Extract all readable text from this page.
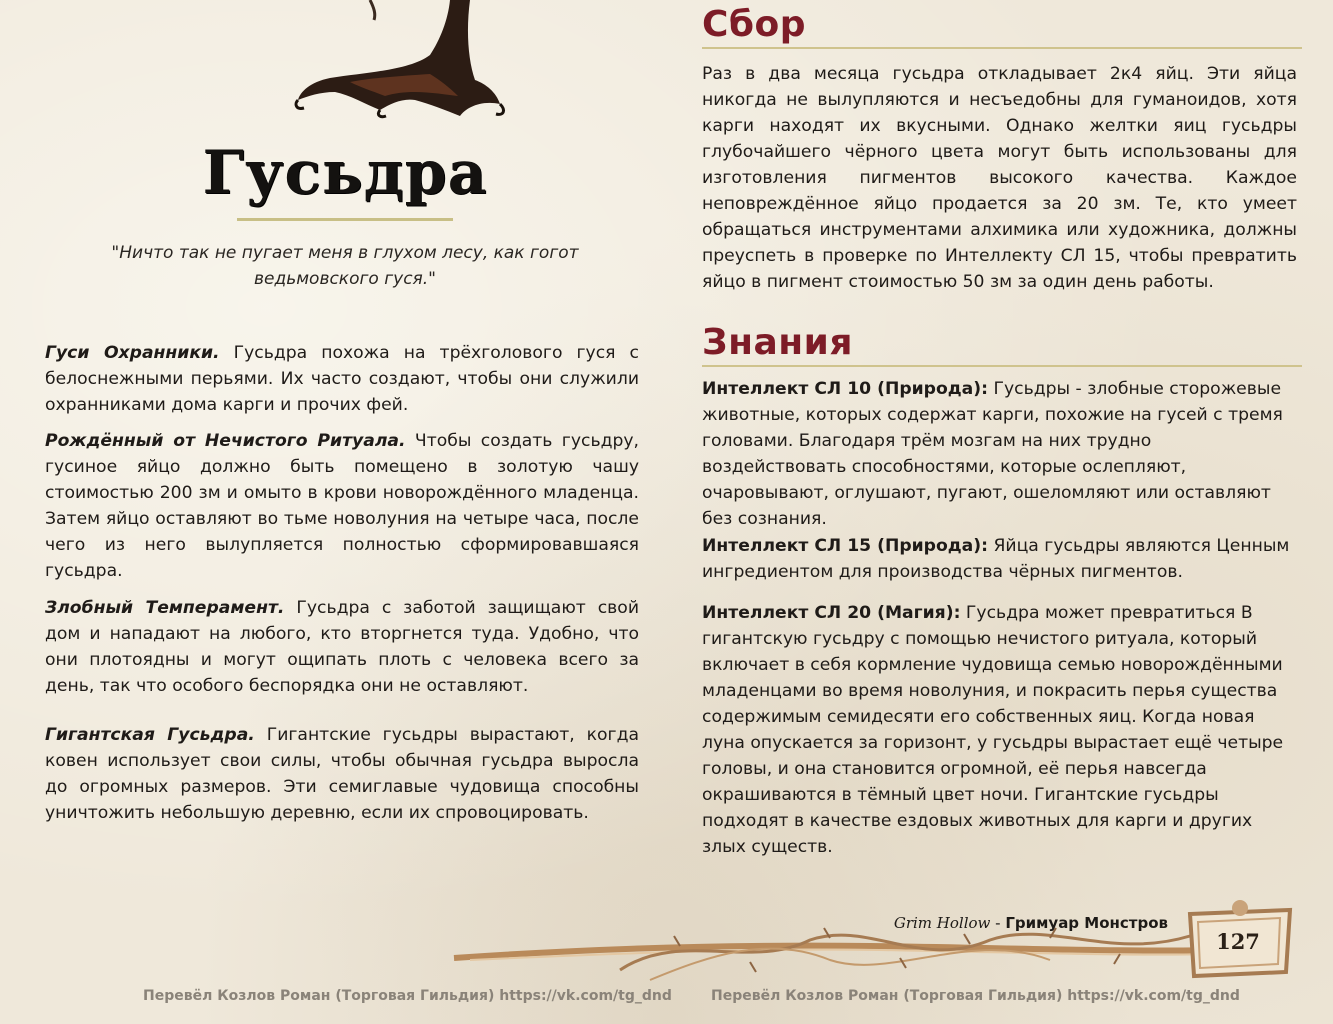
Гусьдра
"Ничто так не пугает меня в глухом лесу, как гогот ведьмовского гуся."
Гуси Охранники. Гусьдра похожа на трёхголового гуся с белоснежными перьями. Их часто создают, чтобы они служили охранниками дома карги и прочих фей.
Рождённый от Нечистого Ритуала. Чтобы создать гусьдру, гусиное яйцо должно быть помещено в золотую чашу стоимостью 200 зм и омыто в крови новорождённого младенца. Затем яйцо оставляют во тьме новолуния на четыре часа, после чего из него вылупляется полностью сформировавшаяся гусьдра.
Злобный Темперамент. Гусьдра с заботой защищают свой дом и нападают на любого, кто вторгнется туда. Удобно, что они плотоядны и могут ощипать плоть с человека всего за день, так что особого беспорядка они не оставляют.
Гигантская Гусьдра. Гигантские гусьдры вырастают, когда ковен использует свои силы, чтобы обычная гусьдра выросла до огромных размеров. Эти семиглавые чудовища способны уничтожить небольшую деревню, если их спровоцировать.
Сбор
Раз в два месяца гусьдра откладывает 2к4 яйц. Эти яйца никогда не вылупляются и несъедобны для гуманоидов, хотя карги находят их вкусными. Однако желтки яиц гусьдры глубочайшего чёрного цвета могут быть использованы для изготовления пигментов высокого качества. Каждое неповреждённое яйцо продается за 20 зм. Те, кто умеет обращаться инструментами алхимика или художника, должны преуспеть в проверке по Интеллекту СЛ 15, чтобы превратить яйцо в пигмент стоимостью 50 зм за один день работы.
Знания
Интеллект СЛ 10 (Природа): Гусьдры - злобные сторожевые животные, которых содержат карги, похожие на гусей с тремя головами. Благодаря трём мозгам на них трудно воздействовать способностями, которые ослепляют, очаровывают, оглушают, пугают, ошеломляют или оставляют без сознания.
Интеллект СЛ 15 (Природа): Яйца гусьдры являются Ценным ингредиентом для производства чёрных пигментов.
Интеллект СЛ 20 (Магия): Гусьдра может превратиться В гигантскую гусьдру с помощью нечистого ритуала, который включает в себя кормление чудовища семью новорождёнными младенцами во время новолуния, и покрасить перья существа содержимым семидесяти его собственных яиц. Когда новая луна опускается за горизонт, у гусьдры вырастает ещё четыре головы, и она становится огромной, её перья навсегда окрашиваются в тёмный цвет ночи. Гигантские гусьдры подходят в качестве ездовых животных для карги и других злых существ.
Grim Hollow - Гримуар Монстров
127
Перевёл Козлов Роман (Торговая Гильдия) https://vk.com/tg_dnd	Перевёл Козлов Роман (Торговая Гильдия) https://vk.com/tg_dnd
